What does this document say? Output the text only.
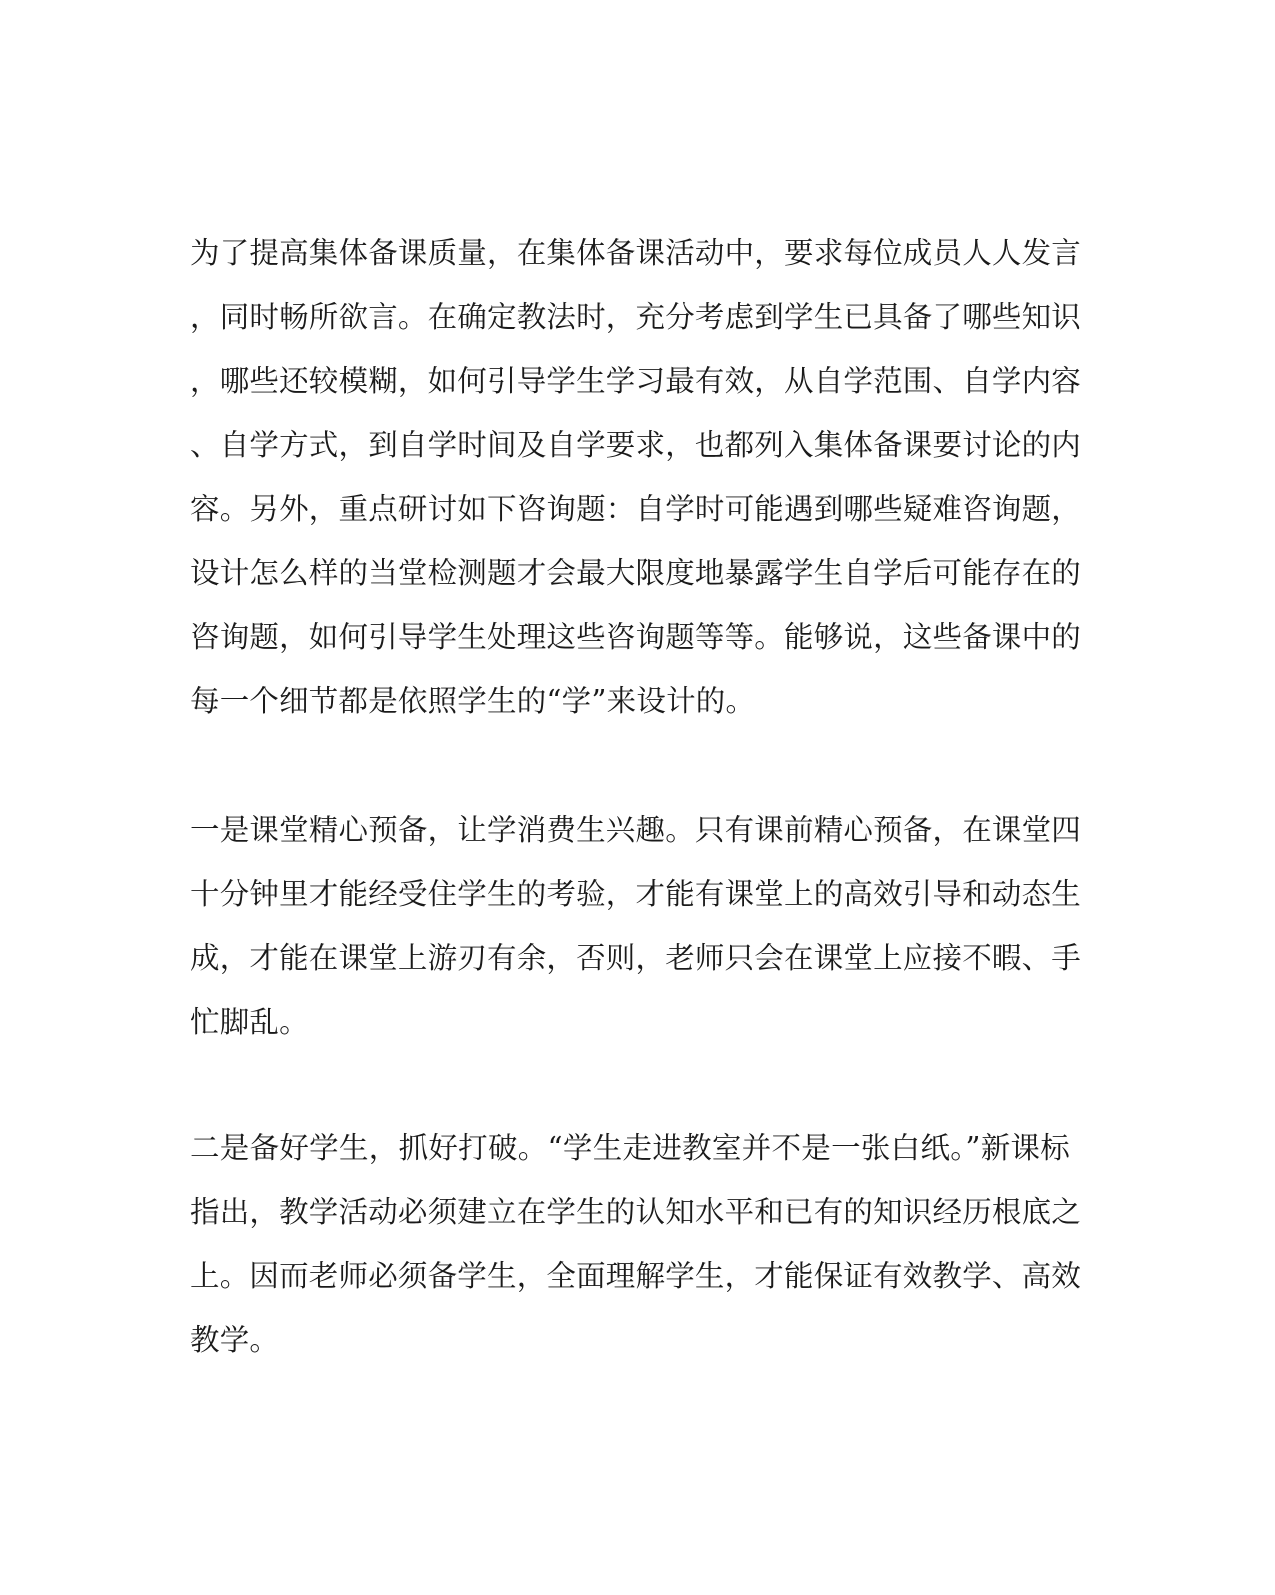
为了提高集体备课质量，在集体备课活动中，要求每位成员人人发言
，同时畅所欲言。在确定教法时，充分考虑到学生已具备了哪些知识
，哪些还较模糊，如何引导学生学习最有效，从自学范围、自学内容
、自学方式，到自学时间及自学要求，也都列入集体备课要讨论的内
容。另外，重点研讨如下咨询题：自学时可能遇到哪些疑难咨询题，
设计怎么样的当堂检测题才会最大限度地暴露学生自学后可能存在的
咨询题，如何引导学生处理这些咨询题等等。能够说，这些备课中的
每一个细节都是依照学生的“学”来设计的。
一是课堂精心预备，让学消费生兴趣。只有课前精心预备，在课堂四
十分钟里才能经受住学生的考验，才能有课堂上的高效引导和动态生
成，才能在课堂上游刃有余，否则，老师只会在课堂上应接不暇、手
忙脚乱。
二是备好学生，抓好打破。“学生走进教室并不是一张白纸。”新课标
指出，教学活动必须建立在学生的认知水平和已有的知识经历根底之
上。因而老师必须备学生，全面理解学生，才能保证有效教学、高效
教学。
